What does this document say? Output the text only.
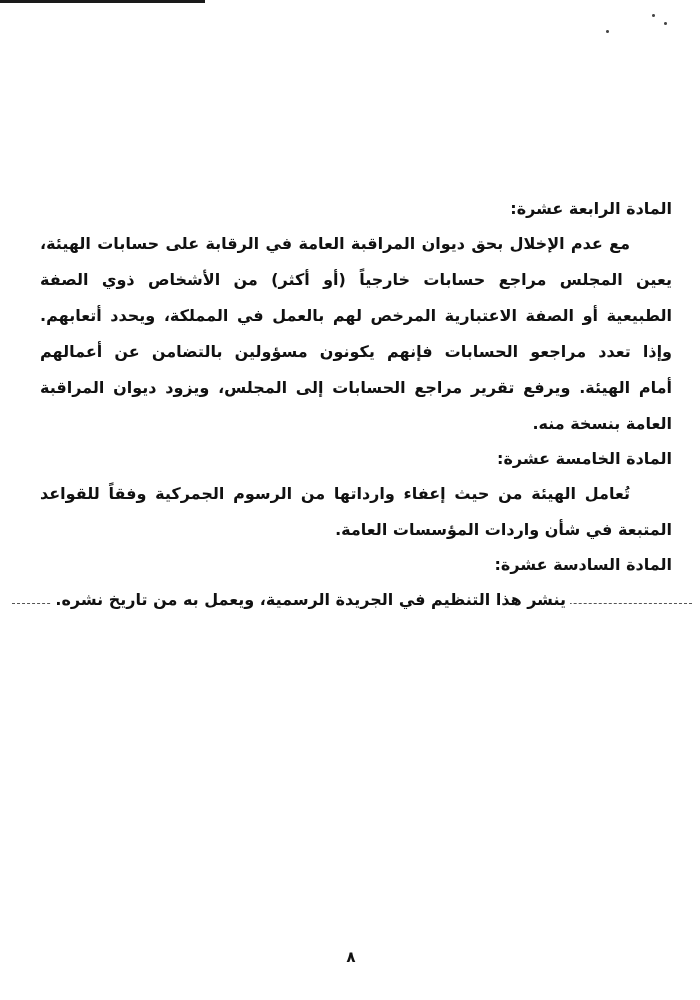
المادة الرابعة عشرة:

مع عدم الإخلال بحق ديوان المراقبة العامة في الرقابة على حسابات الهيئة،

يعين المجلس مراجع حسابات خارجياً (أو أكثر) من الأشخاص ذوي الصفة

الطبيعية أو الصفة الاعتبارية المرخص لهم بالعمل في المملكة، ويحدد أتعابهم.

وإذا تعدد مراجعو الحسابات فإنهم يكونون مسؤولين بالتضامن عن أعمالهم

أمام الهيئة. ويرفع تقرير مراجع الحسابات إلى المجلس، ويزود ديوان المراقبة

العامة بنسخة منه.

المادة الخامسة عشرة:

تُعامل الهيئة من حيث إعفاء وارداتها من الرسوم الجمركية وفقاً للقواعد

المتبعة في شأن واردات المؤسسات العامة.

المادة السادسة عشرة:

ينشر هذا التنظيم في الجريدة الرسمية، ويعمل به من تاريخ نشره.
٨
